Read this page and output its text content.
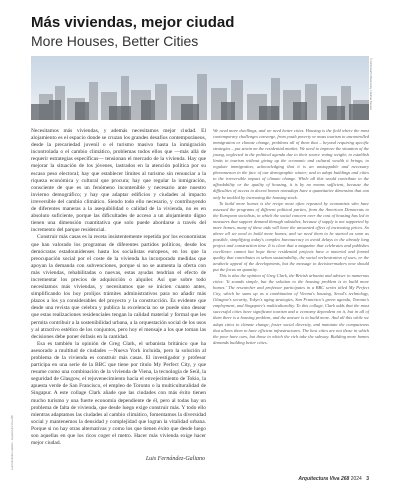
Más viviendas, mejor ciudad
More Houses, Better Cities
© NASA Earth Observatory / Joshua Stevens
Luis Fernández-Galiano · Arquitectura Viva 268

Necesitamos más viviendas, y además necesitamos mejor ciudad. El alojamiento es el espacio donde se cruzan los grandes desafíos contemporáneos, desde la precariedad juvenil o el turismo masivo hasta la inmigración incontrolada o el cambio climático, problemas todos ellos que —más allá de requerir estrategias específicas— tensionan el mercado de la vivienda. Hay que mejorar la situación de los jóvenes, lastrados en la atención política por su escaso peso electoral; hay que establecer límites al turismo sin renunciar a la riqueza económica y cultural que procura; hay que regular la inmigración, consciente de que es un fenómeno incontenible y necesario ante nuestro invierno demográfico; y hay que adaptar edificios y ciudades al impacto irreversible del cambio climático. Siendo todo ello necesario, y contribuyendo de diferentes maneras a la asequibilidad o calidad de la vivienda, no es en absoluto suficiente, porque las dificultades de acceso a un alojamiento digno tienen una dimensión cuantitativa que solo puede abordarse a través del incremento del parque residencial.

Construir más casas es la receta insistentemente repetida por los economistas que han valorado los programas de diferentes partidos políticos, desde los demócratas estadounidenses hasta los socialistas europeos, en los que la preocupación social por el coste de la vivienda ha incorporado medidas que apoyan la demanda con subvenciones, porque si no se aumenta la oferta con más viviendas, rehabilitadas o nuevas, estas ayudas tendrían el efecto de incrementar los precios de adquisición o alquiler. Así que sobre todo necesitamos más viviendas, y necesitamos que se inicien cuanto antes, simplificando los hoy prolijos trámites administrativos para no añadir más plazos a los ya considerables del proyecto y la construcción. Es evidente que desde una revista que celebra y publica la excelencia no se puede sino desear que estas realizaciones residenciales tengan la calidad material y formal que les permita contribuir a la sostenibilidad urbana, a la orquestación social de los usos y al atractivo estético de los conjuntos, pero hoy el mensaje a los que toman las decisiones debe poner énfasis en la cantidad.

Esa es también la opinión de Greg Clark, el urbanista británico que ha asesorado a multitud de ciudades —Nueva York incluida, pero la solución al problema de la vivienda es construir más casas. El investigador y profesor participa en una serie de la BBC que tiene por título My Perfect City, y que resume como una combinación de la vivienda de Viena, la tecnología de Seúl, la seguridad de Glasgow, el rejuvenecimiento hacia el envejecimiento de Tokio, la apuesta verde de San Francisco, el empleo de Toronto o la multiculturalidad de Singapur. A este collage Clark añade que las ciudades con más éxito tienen mucho turismo y una fuerte economía dependiente de él, pero al todas hay un problema de falta de vivienda, que desde luego exige construir más. Y todo ello mientras adaptamos las ciudades al cambio climático, fomentamos la diversidad social y mantenemos la densidad y complejidad que logran la vitalidad urbana. Porque si no hay otras alternativas y como los que tienen éxito que desde luego son aquellas en que los ricos coger el metro. Hacer más vivienda exige hacer mejor ciudad.

We need more dwellings, and we need better cities. Housing is the field where the most contemporary challenges converge, from youth poverty or mass tourism to uncontrolled immigration or climate change, problems all of them that – beyond requiring specific strategies – put strain on the residential market. We need to improve the situation of the young, neglected in the political agenda due to their scarce voting weight; to establish limits to tourism without giving up the economic and cultural wealth it brings; to regulate immigration, acknowledging that it is an unstoppable and necessary phenomenon in the face of our demographic winter; and to adapt buildings and cities to the irreversible impact of climate change. While all this would contribute to the affordability or the quality of housing, it is by no means sufficient, because the difficulties of access to decent homes nowadays have a quantitative dimension that can only be tackled by increasing the housing stock.

To build more homes is the recipe most often repeated by economists who have assessed the programs of different political parties, from the American Democrats to the European socialists, in which the social concern over the cost of housing has led to measures that support demand through subsidies, because if supply is not supported by more homes, many of these aids will have the unwanted effect of increasing prices. So above all we need to build more homes, and we need them to be started as soon as possible, simplifying today's complex bureaucracy to avoid delays to the already long project and construction time. It is clear that a magazine that celebrates and publishes excellence cannot but hope these residential projects have a material and formal quality that contributes to urban sustainability, the social orchestration of uses, or the aesthetic appeal of the developments, but the message to decision-makers now should put the focus on quantity.

This is also the opinion of Greg Clark, the British urbanist and adviser to numerous cities: 'It sounds simple, but the solution to the housing problem is to build more homes.' The researcher and professor participates in a BBC series titled My Perfect City, which he sums up as a combination of Vienna's housing, Seoul's technology, Glasgow's security, Tokyo's aging strategies, San Francisco's green agenda, Toronto's employment, and Singapore's multiculturality. To this collage, Clark adds that the most successful cities have significant tourism and a economy dependent on it, but in all of them there is a housing problem, and the answer is to build more. And all this while we adapt cities to climate change, foster social diversity, and maintain the compactness that allows them to have efficient infrastructures. The best cities are not those in which the poor have cars, but those in which the rich take the subway. Building more homes demands building better cities.

Luis Fernández-Galiano
Arquitectura Viva 268 2024 3
